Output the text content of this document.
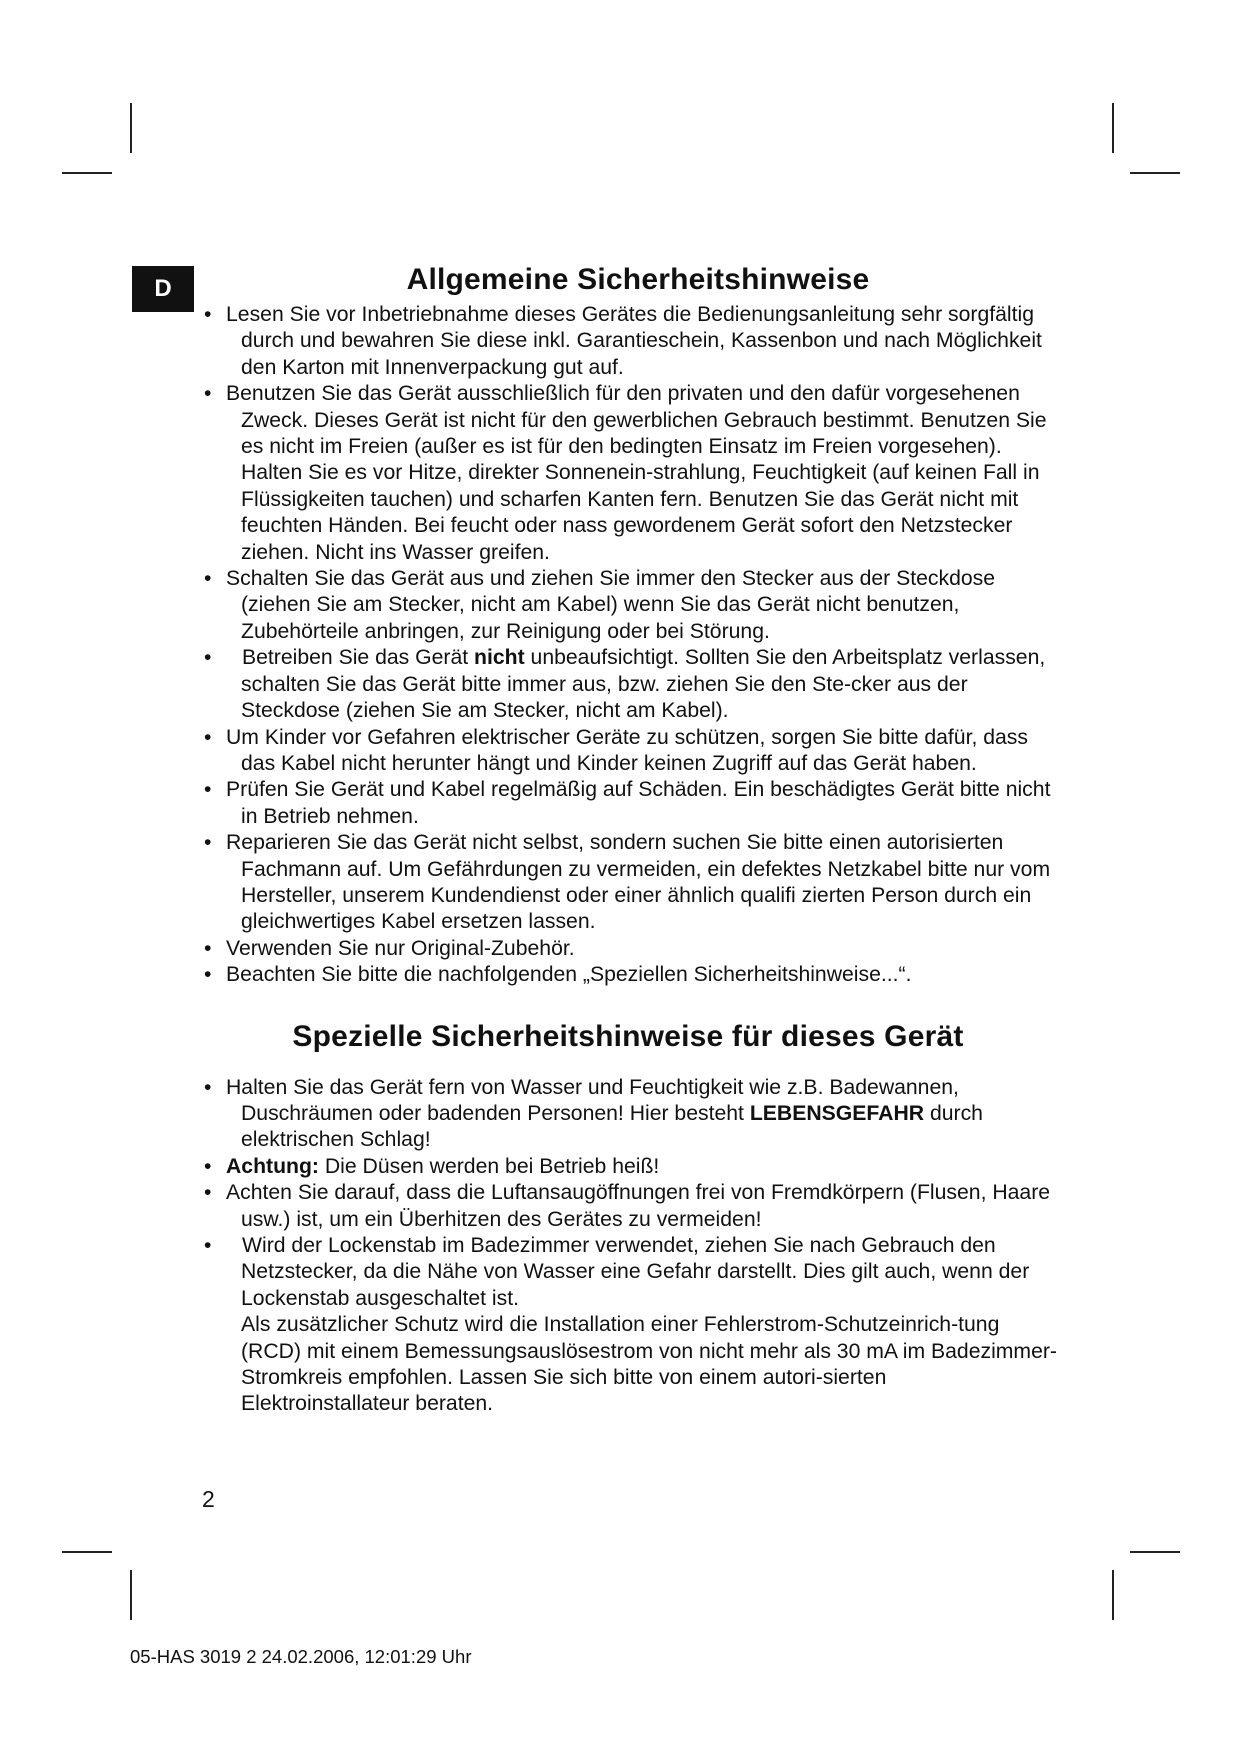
D	Allgemeine Sicherheitshinweise
• Lesen Sie vor Inbetriebnahme dieses Gerätes die Bedienungsanleitung sehr sorgfältig durch und bewahren Sie diese inkl. Garantieschein, Kassenbon und nach Möglichkeit den Karton mit Innenverpackung gut auf.
• Benutzen Sie das Gerät ausschließlich für den privaten und den dafür vorgesehenen Zweck. Dieses Gerät ist nicht für den gewerblichen Gebrauch bestimmt. Benutzen Sie es nicht im Freien (außer es ist für den bedingten Einsatz im Freien vorgesehen). Halten Sie es vor Hitze, direkter Sonnenein-strahlung, Feuchtigkeit (auf keinen Fall in Flüssigkeiten tauchen) und scharfen Kanten fern. Benutzen Sie das Gerät nicht mit feuchten Händen. Bei feucht oder nass gewordenem Gerät sofort den Netzstecker ziehen. Nicht ins Wasser greifen.
• Schalten Sie das Gerät aus und ziehen Sie immer den Stecker aus der Steckdose (ziehen Sie am Stecker, nicht am Kabel) wenn Sie das Gerät nicht benutzen, Zubehörteile anbringen, zur Reinigung oder bei Störung.
•	Betreiben Sie das Gerät nicht unbeaufsichtigt. Sollten Sie den Arbeitsplatz verlassen, schalten Sie das Gerät bitte immer aus, bzw. ziehen Sie den Ste-cker aus der Steckdose (ziehen Sie am Stecker, nicht am Kabel).
• Um Kinder vor Gefahren elektrischer Geräte zu schützen, sorgen Sie bitte dafür, dass das Kabel nicht herunter hängt und Kinder keinen Zugriff auf das Gerät haben.
• Prüfen Sie Gerät und Kabel regelmäßig auf Schäden. Ein beschädigtes Gerät bitte nicht in Betrieb nehmen.
• Reparieren Sie das Gerät nicht selbst, sondern suchen Sie bitte einen autorisierten Fachmann auf. Um Gefährdungen zu vermeiden, ein defektes Netzkabel bitte nur vom Hersteller, unserem Kundendienst oder einer ähnlich qualifi zierten Person durch ein gleichwertiges Kabel ersetzen lassen.
• Verwenden Sie nur Original-Zubehör.
• Beachten Sie bitte die nachfolgenden „Speziellen Sicherheitshinweise...“.
Spezielle Sicherheitshinweise für dieses Gerät
• Halten Sie das Gerät fern von Wasser und Feuchtigkeit wie z.B. Badewannen, Duschräumen oder badenden Personen! Hier besteht LEBENSGEFAHR durch elektrischen Schlag!
• Achtung: Die Düsen werden bei Betrieb heiß!
• Achten Sie darauf, dass die Luftansaugöffnungen frei von Fremdkörpern (Flusen, Haare usw.) ist, um ein Überhitzen des Gerätes zu vermeiden!
•	Wird der Lockenstab im Badezimmer verwendet, ziehen Sie nach Gebrauch den Netzstecker, da die Nähe von Wasser eine Gefahr darstellt. Dies gilt auch, wenn der Lockenstab ausgeschaltet ist.
Als zusätzlicher Schutz wird die Installation einer Fehlerstrom-Schutzeinrich-tung (RCD) mit einem Bemessungsauslösestrom von nicht mehr als 30 mA im Badezimmer-Stromkreis empfohlen. Lassen Sie sich bitte von einem autori-sierten Elektroinstallateur beraten.
2
05-HAS 3019 2 24.02.2006, 12:01:29 Uhr
